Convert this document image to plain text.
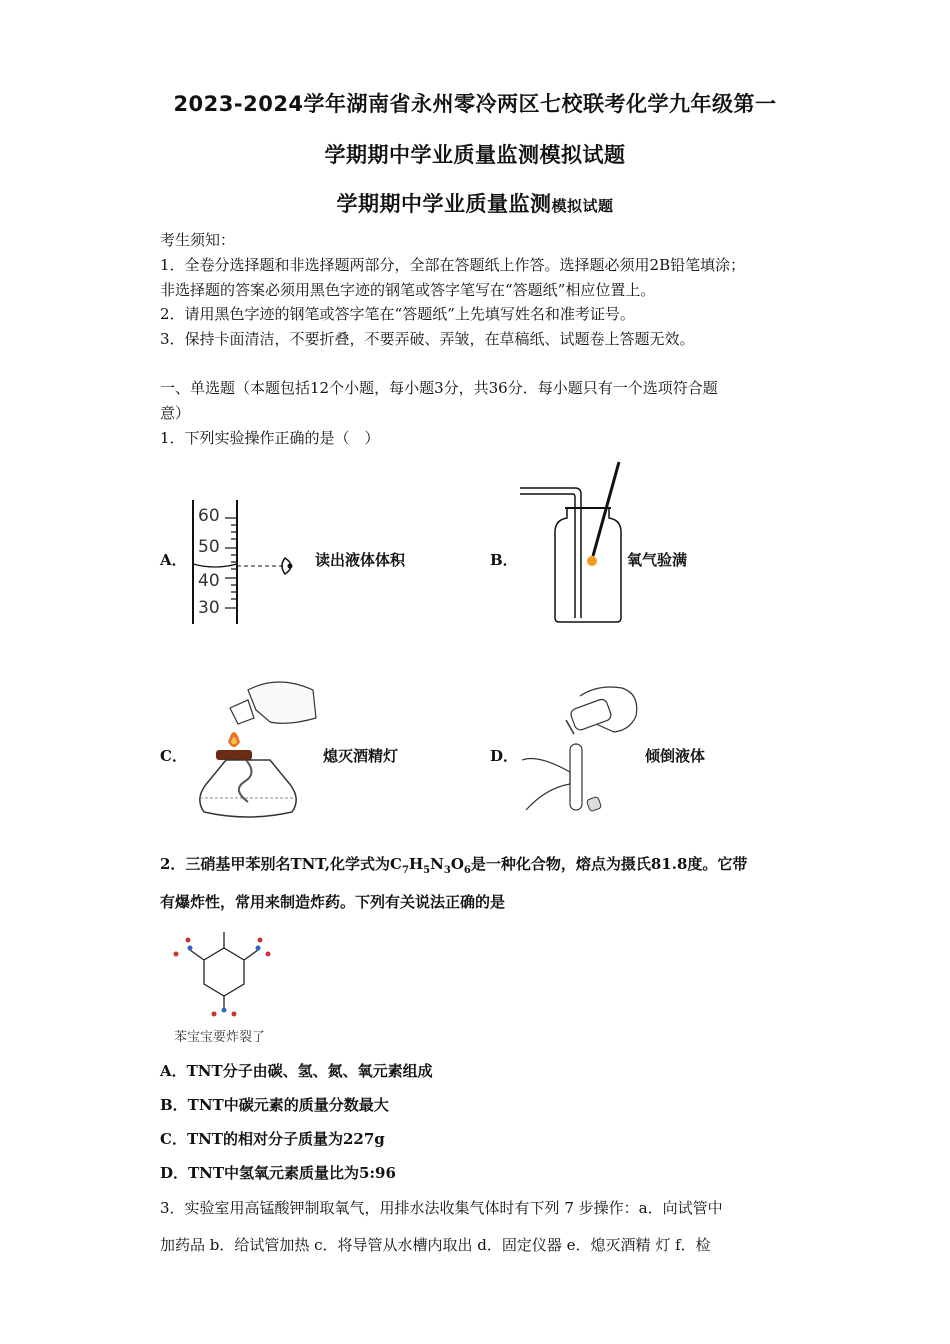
2023-2024学年湖南省永州零冷两区七校联考化学九年级第一
学期期中学业质量监测模拟试题
学期期中学业质量监测模拟试题
考生须知：
1．全卷分选择题和非选择题两部分，全部在答题纸上作答。选择题必须用2B铅笔填涂；
非选择题的答案必须用黑色字迹的钢笔或答字笔写在“答题纸”相应位置上。
2．请用黑色字迹的钢笔或答字笔在“答题纸”上先填写姓名和准考证号。
3．保持卡面清洁，不要折叠，不要弄破、弄皱，在草稿纸、试题卷上答题无效。
一、单选题（本题包括12个小题，每小题3分，共36分．每小题只有一个选项符合题
意）
1．下列实验操作正确的是（　）
A．
60
50
40
30
读出液体体积	B．	氧气验满
C．	熄灭酒精灯	D．	倾倒液体
2．三硝基甲苯别名TNT,化学式为$C_7H_5N_3O_6$是一种化合物，熔点为摄氏81.8度。它带
有爆炸性，常用来制造炸药。下列有关说法正确的是
苯宝宝要炸裂了
A．TNT分子由碳、氢、氮、氧元素组成
B．TNT中碳元素的质量分数最大
C．TNT的相对分子质量为227g
D．TNT中氢氧元素质量比为5:96
3．实验室用高锰酸钾制取氧气，用排水法收集气体时有下列 7 步操作：a．向试管中
加药品 b．给试管加热 c．将导管从水槽内取出 d．固定仪器 e．熄灭酒精 灯 f．检
